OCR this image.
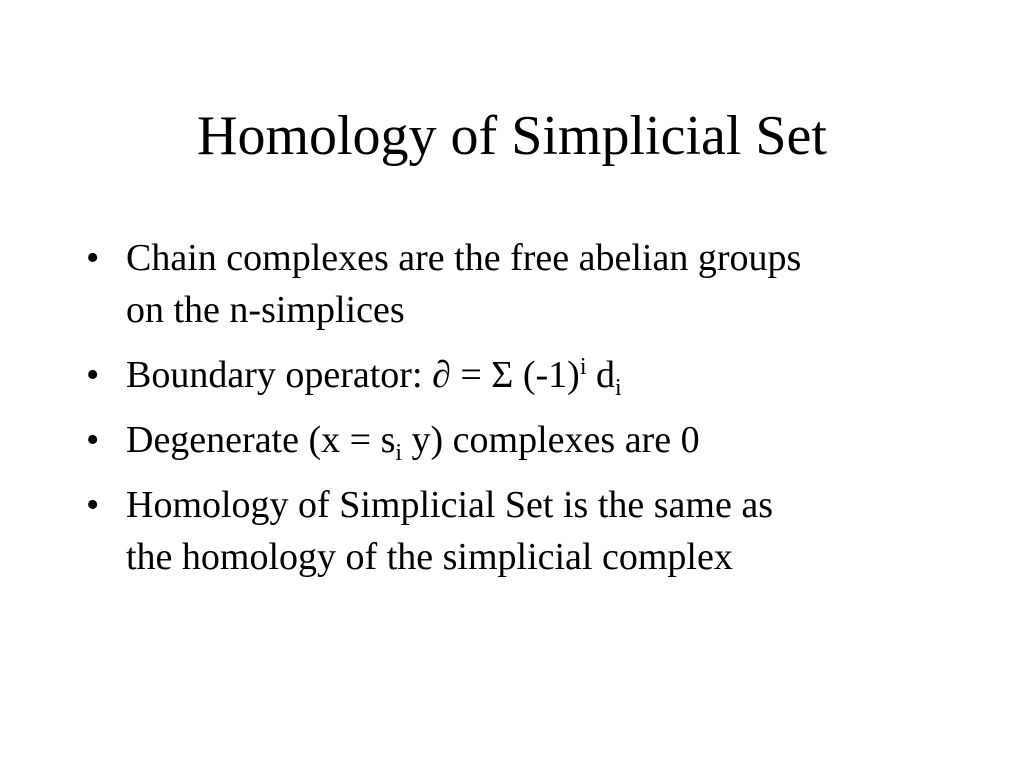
Homology of Simplicial Set
• Chain complexes are the free abelian groups
on the n-simplices
• Boundary operator: ∂ = Σ $(-1)^i$ $d_i$
• Degenerate ($x = s_i$ y) complexes are 0
• Homology of Simplicial Set is the same as
the homology of the simplicial complex
